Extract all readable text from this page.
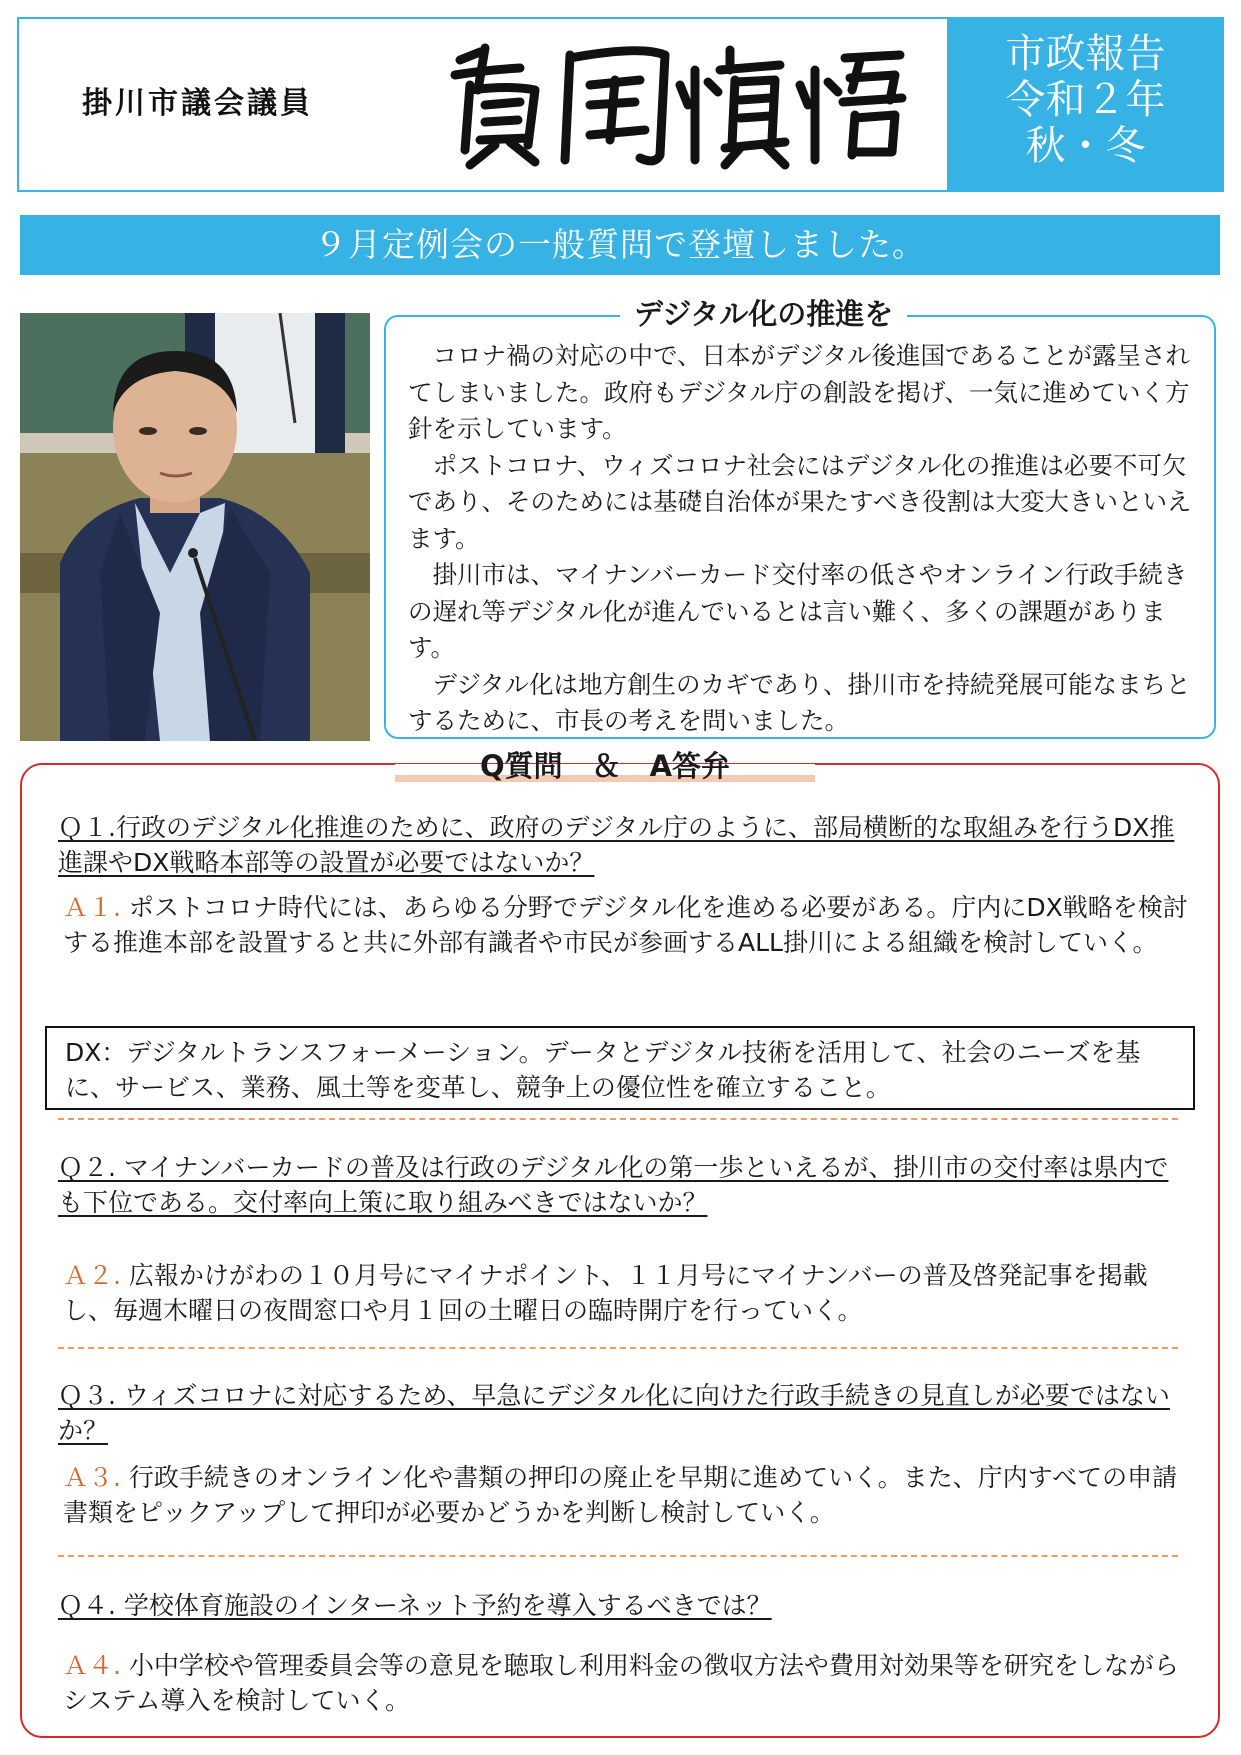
掛川市議会議員
市政報告
令和２年
秋・冬
９月定例会の一般質問で登壇しました。
デジタル化の推進を

コロナ禍の対応の中で、日本がデジタル後進国であることが露呈されてしまいました。政府もデジタル庁の創設を掲げ、一気に進めていく方針を示しています。

ポストコロナ、ウィズコロナ社会にはデジタル化の推進は必要不可欠であり、そのためには基礎自治体が果たすべき役割は大変大きいといえます。

掛川市は、マイナンバーカード交付率の低さやオンライン行政手続きの遅れ等デジタル化が進んでいるとは言い難く、多くの課題があります。

デジタル化は地方創生のカギであり、掛川市を持続発展可能なまちとするために、市長の考えを問いました。

Q質問　＆　A答弁
Ｑ１.行政のデジタル化推進のために、政府のデジタル庁のように、部局横断的な取組みを行うDX推進課やDX戦略本部等の設置が必要ではないか？
Ａ１. ポストコロナ時代には、あらゆる分野でデジタル化を進める必要がある。庁内にDX戦略を検討する推進本部を設置すると共に外部有識者や市民が参画するALL掛川による組織を検討していく。
DX：デジタルトランスフォーメーション。データとデジタル技術を活用して、社会のニーズを基に、サービス、業務、風土等を変革し、競争上の優位性を確立すること。
Ｑ２. マイナンバーカードの普及は行政のデジタル化の第一歩といえるが、掛川市の交付率は県内でも下位である。交付率向上策に取り組みべきではないか？
Ａ２. 広報かけがわの１０月号にマイナポイント、１１月号にマイナンバーの普及啓発記事を掲載し、毎週木曜日の夜間窓口や月１回の土曜日の臨時開庁を行っていく。
Ｑ３. ウィズコロナに対応するため、早急にデジタル化に向けた行政手続きの見直しが必要ではないか？
Ａ３. 行政手続きのオンライン化や書類の押印の廃止を早期に進めていく。また、庁内すべての申請書類をピックアップして押印が必要かどうかを判断し検討していく。
Ｑ４. 学校体育施設のインターネット予約を導入するべきでは？
Ａ４. 小中学校や管理委員会等の意見を聴取し利用料金の徴収方法や費用対効果等を研究をしながらシステム導入を検討していく。
